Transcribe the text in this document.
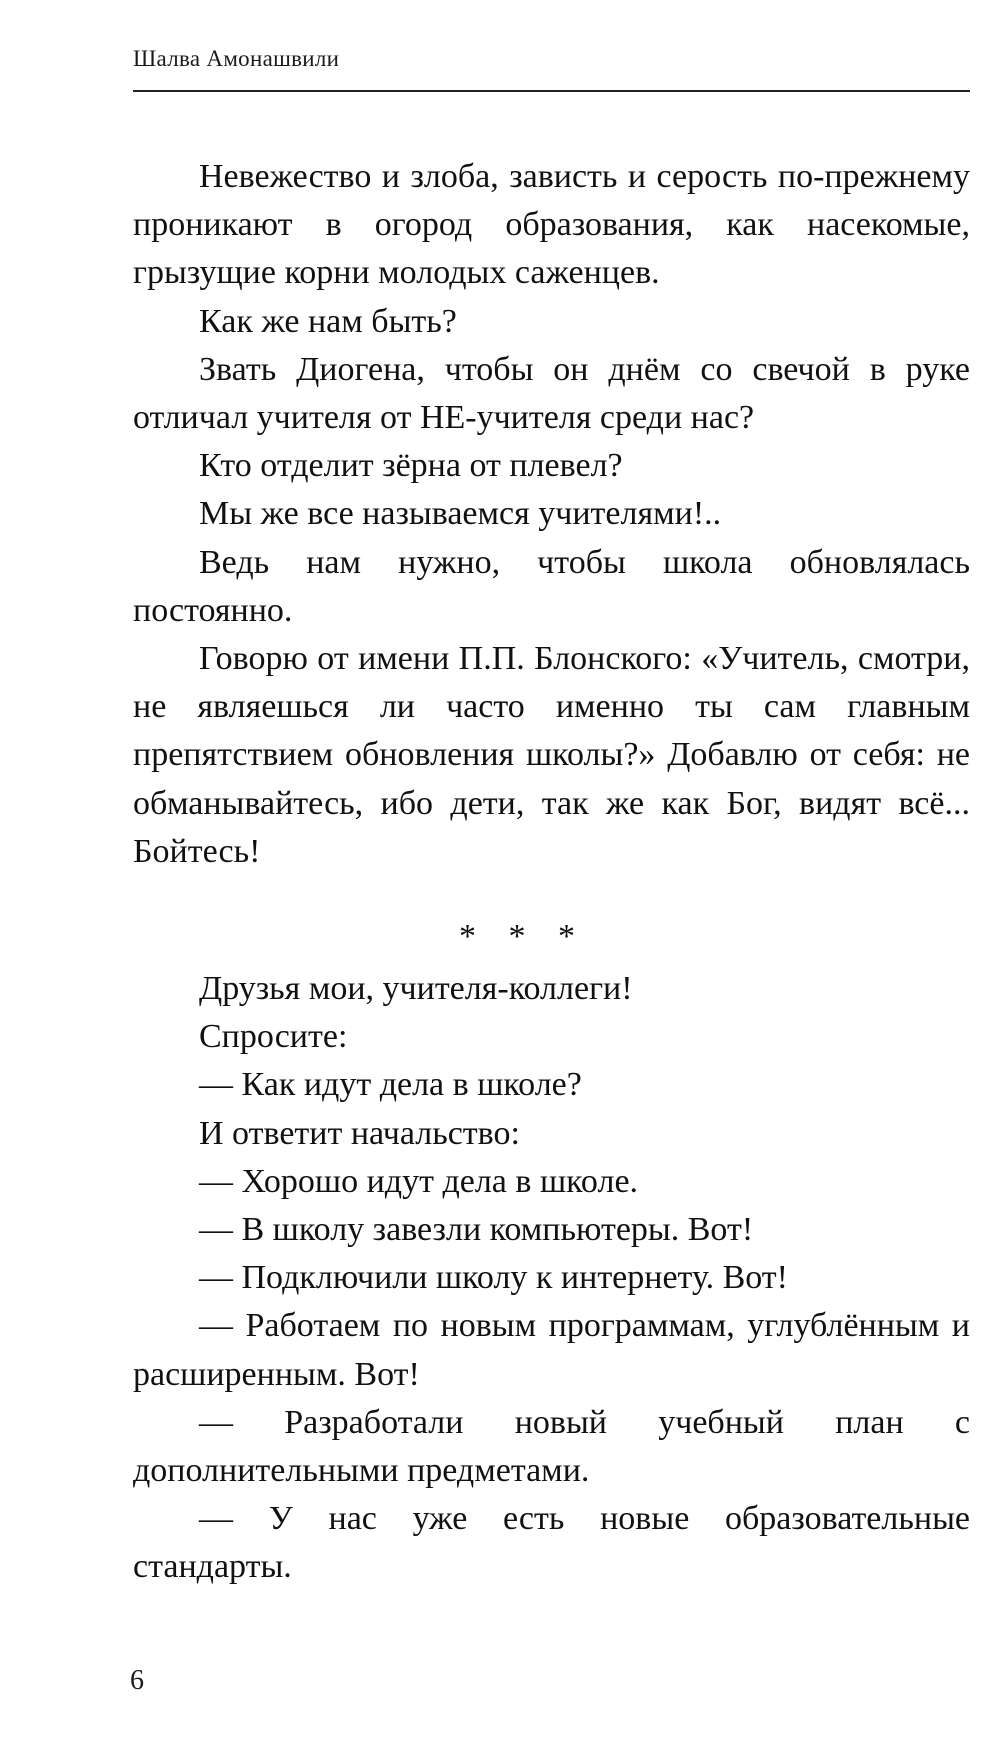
Шалва Амонашвили

Невежество и злоба, зависть и серость по-прежнему проникают в огород образования, как насекомые, грызущие корни молодых саженцев.

Как же нам быть?

Звать Диогена, чтобы он днём со свечой в руке отличал учителя от НЕ-учителя среди нас?

Кто отделит зёрна от плевел?

Мы же все называемся учителями!..

Ведь нам нужно, чтобы школа обновлялась постоянно.

Говорю от имени П.П. Блонского: «Учитель, смотри, не являешься ли часто именно ты сам главным препятствием обновления школы?» Добавлю от себя: не обманывайтесь, ибо дети, так же как Бог, видят всё... Бойтесь!

* * *

Друзья мои, учителя-коллеги!

Спросите:

— Как идут дела в школе?

И ответит начальство:

— Хорошо идут дела в школе.

— В школу завезли компьютеры. Вот!

— Подключили школу к интернету. Вот!

— Работаем по новым программам, углублённым и расширенным. Вот!

— Разработали новый учебный план с дополнительными предметами.

— У нас уже есть новые образовательные стандарты.

6
